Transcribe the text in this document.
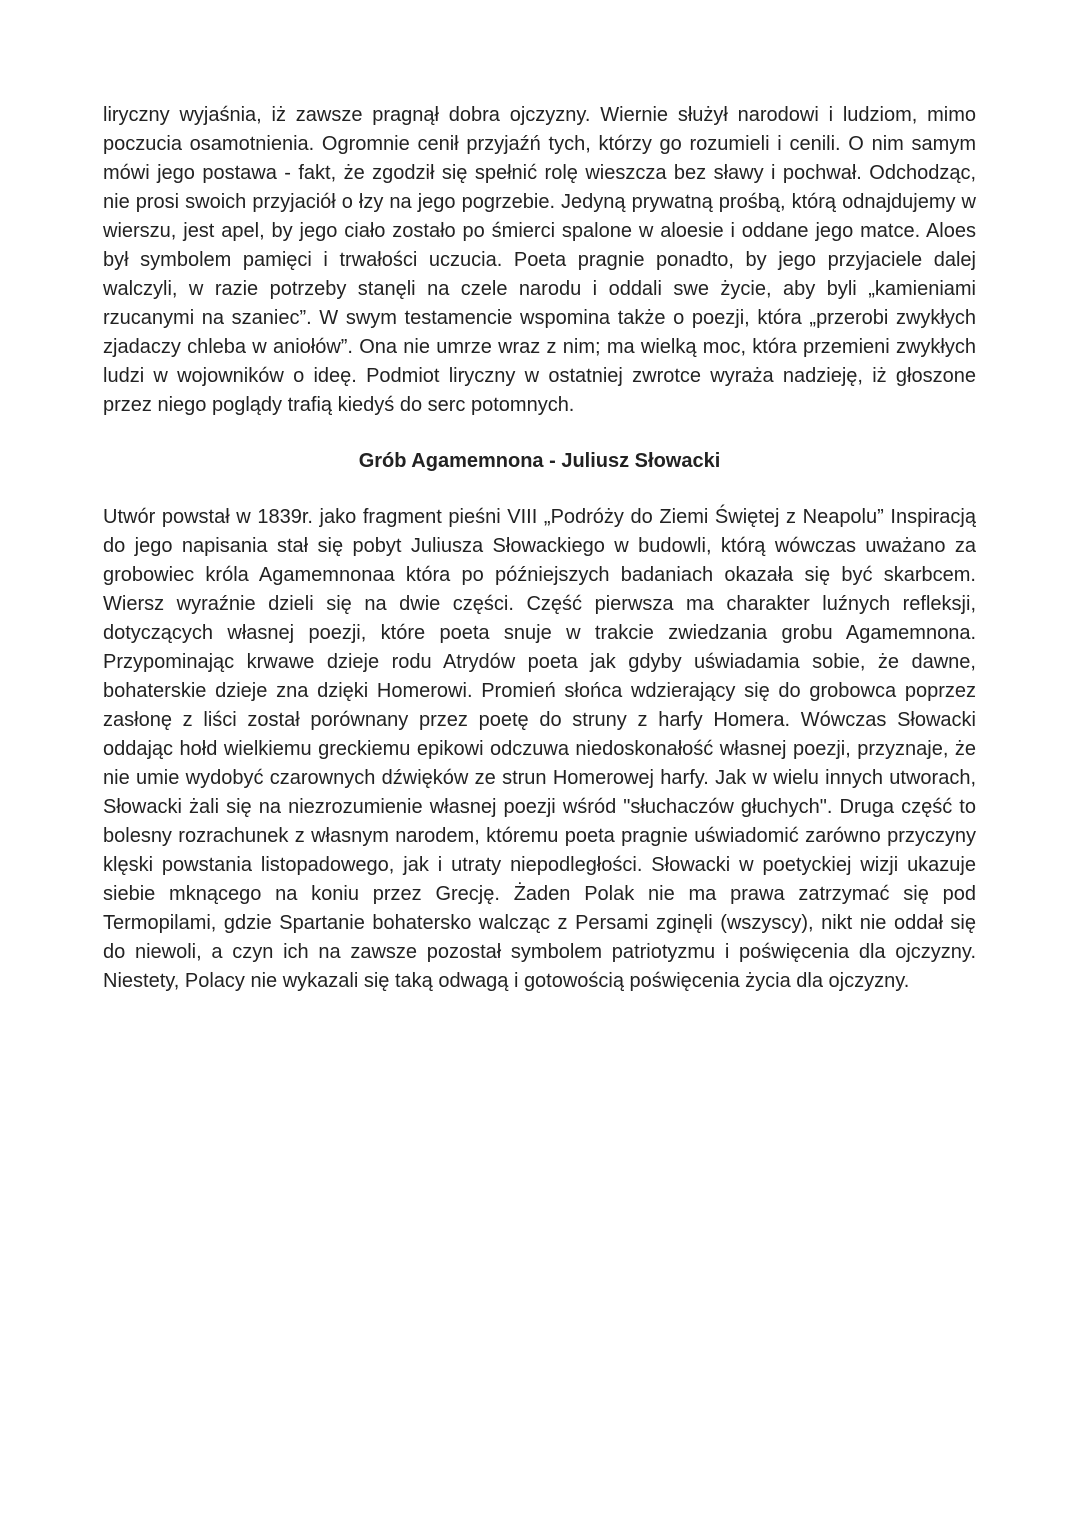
liryczny wyjaśnia, iż zawsze pragnął dobra ojczyzny. Wiernie służył narodowi i ludziom, mimo poczucia osamotnienia. Ogromnie cenił przyjaźń tych, którzy go rozumieli i cenili. O nim samym mówi jego postawa - fakt, że zgodził się spełnić rolę wieszcza bez sławy i pochwał. Odchodząc, nie prosi swoich przyjaciół o łzy na jego pogrzebie. Jedyną prywatną prośbą, którą odnajdujemy w wierszu, jest apel, by jego ciało zostało po śmierci spalone w aloesie i oddane jego matce. Aloes był symbolem pamięci i trwałości uczucia. Poeta pragnie ponadto, by jego przyjaciele dalej walczyli, w razie potrzeby stanęli na czele narodu i oddali swe życie, aby byli „kamieniami rzucanymi na szaniec”. W swym testamencie wspomina także o poezji, która „przerobi zwykłych zjadaczy chleba w aniołów”. Ona nie umrze wraz z nim; ma wielką moc, która przemieni zwykłych ludzi w wojowników o ideę. Podmiot liryczny w ostatniej zwrotce wyraża nadzieję, iż głoszone przez niego poglądy trafią kiedyś do serc potomnych.

Grób Agamemnona - Juliusz Słowacki

Utwór powstał w 1839r. jako fragment pieśni VIII „Podróży do Ziemi Świętej z Neapolu” Inspiracją do jego napisania stał się pobyt Juliusza Słowackiego w budowli, którą wówczas uważano za grobowiec króla Agamemnonaa która po późniejszych badaniach okazała się być skarbcem. Wiersz wyraźnie dzieli się na dwie części. Część pierwsza ma charakter luźnych refleksji, dotyczących własnej poezji, które poeta snuje w trakcie zwiedzania grobu Agamemnona. Przypominając krwawe dzieje rodu Atrydów poeta jak gdyby uświadamia sobie, że dawne, bohaterskie dzieje zna dzięki Homerowi. Promień słońca wdzierający się do grobowca poprzez zasłonę z liści został porównany przez poetę do struny z harfy Homera. Wówczas Słowacki oddając hołd wielkiemu greckiemu epikowi odczuwa niedoskonałość własnej poezji, przyznaje, że nie umie wydobyć czarownych dźwięków ze strun Homerowej harfy. Jak w wielu innych utworach, Słowacki żali się na niezrozumienie własnej poezji wśród "słuchaczów głuchych". Druga część to bolesny rozrachunek z własnym narodem, któremu poeta pragnie uświadomić zarówno przyczyny klęski powstania listopadowego, jak i utraty niepodległości. Słowacki w poetyckiej wizji ukazuje siebie mknącego na koniu przez Grecję. Żaden Polak nie ma prawa zatrzymać się pod Termopilami, gdzie Spartanie bohatersko walcząc z Persami zginęli (wszyscy), nikt nie oddał się do niewoli, a czyn ich na zawsze pozostał symbolem patriotyzmu i poświęcenia dla ojczyzny. Niestety, Polacy nie wykazali się taką odwagą i gotowością poświęcenia życia dla ojczyzny.
